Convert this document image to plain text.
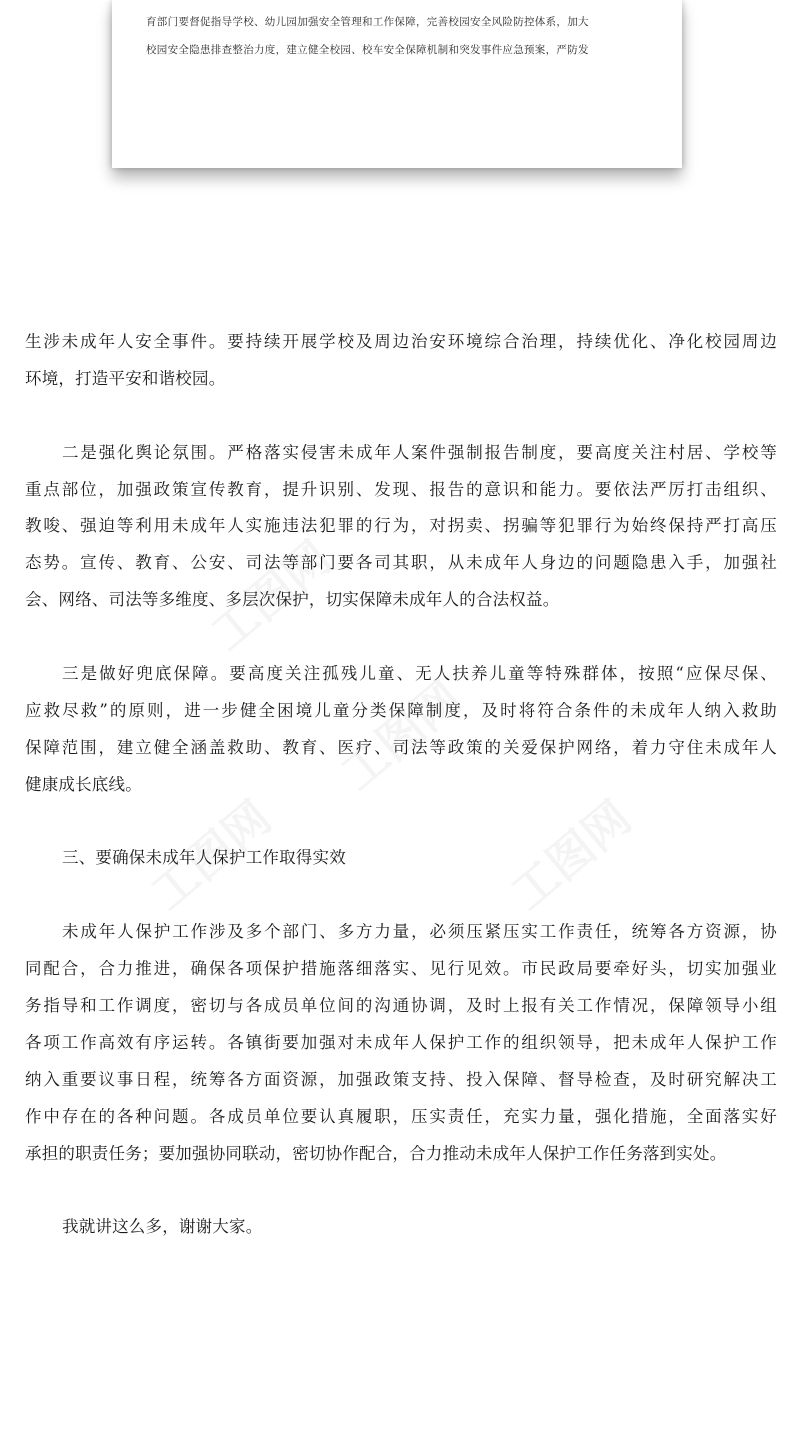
育部门要督促指导学校、幼儿园加强安全管理和工作保障，完善校园安全风险防控体系，加大
校园安全隐患排查整治力度，建立健全校园、校车安全保障机制和突发事件应急预案，严防发
生涉未成年人安全事件。要持续开展学校及周边治安环境综合治理，持续优化、净化校园周边
环境，打造平安和谐校园。
二是强化舆论氛围。严格落实侵害未成年人案件强制报告制度，要高度关注村居、学校等
重点部位，加强政策宣传教育，提升识别、发现、报告的意识和能力。要依法严厉打击组织、
教唆、强迫等利用未成年人实施违法犯罪的行为，对拐卖、拐骗等犯罪行为始终保持严打高压
态势。宣传、教育、公安、司法等部门要各司其职，从未成年人身边的问题隐患入手，加强社
会、网络、司法等多维度、多层次保护，切实保障未成年人的合法权益。
三是做好兜底保障。要高度关注孤残儿童、无人扶养儿童等特殊群体，按照“应保尽保、
应救尽救”的原则，进一步健全困境儿童分类保障制度，及时将符合条件的未成年人纳入救助
保障范围，建立健全涵盖救助、教育、医疗、司法等政策的关爱保护网络，着力守住未成年人
健康成长底线。
三、要确保未成年人保护工作取得实效
未成年人保护工作涉及多个部门、多方力量，必须压紧压实工作责任，统筹各方资源，协
同配合，合力推进，确保各项保护措施落细落实、见行见效。市民政局要牵好头，切实加强业
务指导和工作调度，密切与各成员单位间的沟通协调，及时上报有关工作情况，保障领导小组
各项工作高效有序运转。各镇街要加强对未成年人保护工作的组织领导，把未成年人保护工作
纳入重要议事日程，统筹各方面资源，加强政策支持、投入保障、督导检查，及时研究解决工
作中存在的各种问题。各成员单位要认真履职，压实责任，充实力量，强化措施，全面落实好
承担的职责任务；要加强协同联动，密切协作配合，合力推动未成年人保护工作任务落到实处。
我就讲这么多，谢谢大家。
